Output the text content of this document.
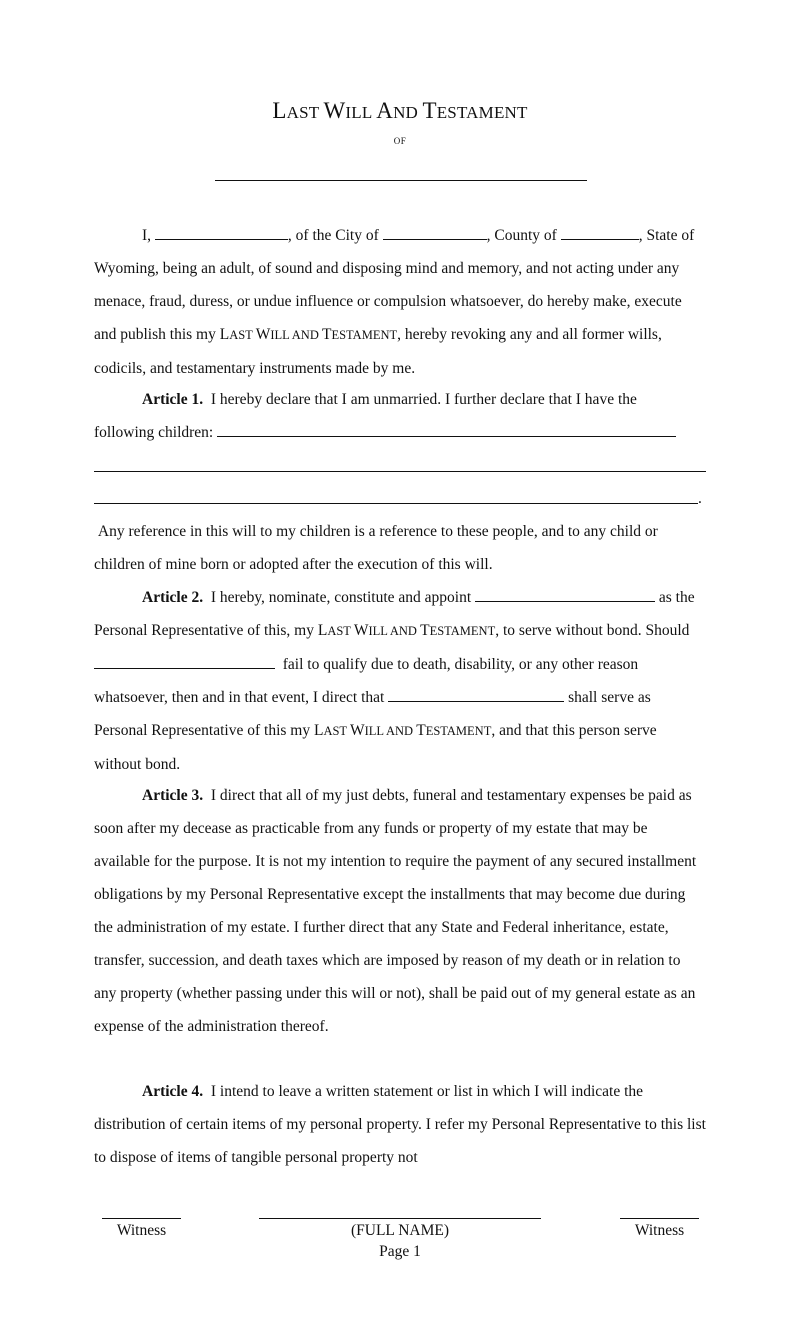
LAST WILL AND TESTAMENT
OF

I,	, of the City of	, County of	, State of Wyoming, being an adult, of sound and disposing mind and memory, and not acting under any menace, fraud, duress, or undue influence or compulsion whatsoever, do hereby make, execute and publish this my LAST WILL AND TESTAMENT, hereby revoking any and all former wills, codicils, and testamentary instruments made by me.

Article 1. I hereby declare that I am unmarried. I further declare that I have the

following children:

.

Any reference in this will to my children is a reference to these people, and to any child or children of mine born or adopted after the execution of this will.

Article 2. I hereby, nominate, constitute and appoint	as the Personal Representative of this, my LAST WILL AND TESTAMENT, to serve without bond. Should   fail to qualify due to death, disability, or any other reason whatsoever, then and in that event, I direct that	shall serve as Personal Representative of this my LAST WILL AND TESTAMENT, and that this person serve without bond.

Article 3. I direct that all of my just debts, funeral and testamentary expenses be paid as soon after my decease as practicable from any funds or property of my estate that may be available for the purpose. It is not my intention to require the payment of any secured installment obligations by my Personal Representative except the installments that may become due during the administration of my estate. I further direct that any State and Federal inheritance, estate, transfer, succession, and death taxes which are imposed by reason of my death or in relation to any property (whether passing under this will or not), shall be paid out of my general estate as an expense of the administration thereof.

Article 4. I intend to leave a written statement or list in which I will indicate the distribution of certain items of my personal property. I refer my Personal Representative to this list to dispose of items of tangible personal property not

Witness	(FULL NAME)	Witness
Page 1
